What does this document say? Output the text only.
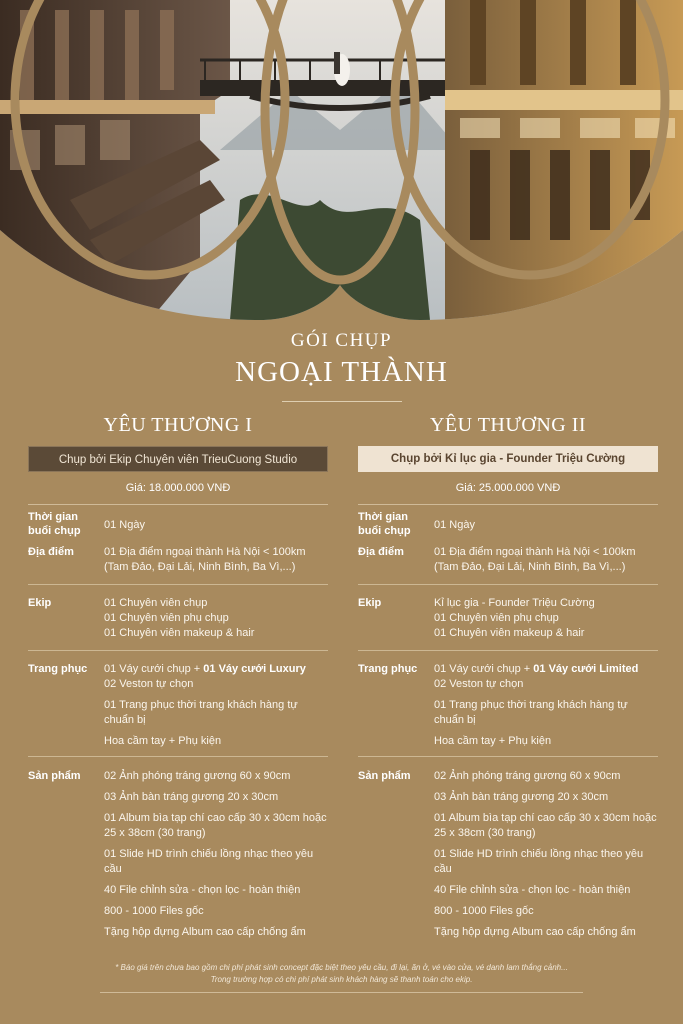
GÓI CHỤP
NGOẠI THÀNH
YÊU THƯƠNG I
Chụp bởi Ekip Chuyên viên TrieuCuong Studio
Giá: 18.000.000 VNĐ
YÊU THƯƠNG II
Chụp bởi Kỉ lục gia - Founder Triệu Cường
Giá: 25.000.000 VNĐ
Thời gian buổi chụp	01 Ngày
Địa điểm	01 Địa điểm ngoại thành Hà Nội < 100km (Tam Đảo, Đại Lải, Ninh Bình, Ba Vì,...)
Ekip	01 Chuyên viên chụp
01 Chuyên viên phụ chụp
01 Chuyên viên makeup & hair
Trang phục	01 Váy cưới chụp + 01 Váy cưới Luxury
02 Veston tự chọn
01 Trang phục thời trang khách hàng tự chuẩn bị
Hoa cầm tay + Phụ kiện
Sản phẩm	02 Ảnh phóng tráng gương 60 x 90cm
03 Ảnh bàn tráng gương 20 x 30cm
01 Album bìa tạp chí cao cấp 30 x 30cm hoặc 25 x 38cm (30 trang)
01 Slide HD trình chiếu lồng nhạc theo yêu cầu
40 File chỉnh sửa - chọn lọc - hoàn thiện
800 - 1000 Files gốc
Tặng hộp đựng Album cao cấp chống ẩm
Thời gian buổi chụp	01 Ngày
Địa điểm	01 Địa điểm ngoại thành Hà Nội < 100km (Tam Đảo, Đại Lải, Ninh Bình, Ba Vì,...)
Ekip	Kỉ lục gia - Founder Triệu Cường
01 Chuyên viên phụ chụp
01 Chuyên viên makeup & hair
Trang phục	01 Váy cưới chụp + 01 Váy cưới Limited
02 Veston tự chọn
01 Trang phục thời trang khách hàng tự chuẩn bị
Hoa cầm tay + Phụ kiện
Sản phẩm	02 Ảnh phóng tráng gương 60 x 90cm
03 Ảnh bàn tráng gương 20 x 30cm
01 Album bìa tạp chí cao cấp 30 x 30cm hoặc 25 x 38cm (30 trang)
01 Slide HD trình chiếu lồng nhạc theo yêu cầu
40 File chỉnh sửa - chọn lọc - hoàn thiện
800 - 1000 Files gốc
Tặng hộp đựng Album cao cấp chống ẩm
* Báo giá trên chưa bao gồm chi phí phát sinh concept đặc biệt theo yêu cầu, đi lại, ăn ở, vé vào cửa, vé danh lam thắng cảnh...
Trong trường hợp có chi phí phát sinh khách hàng sẽ thanh toán cho ekip.
